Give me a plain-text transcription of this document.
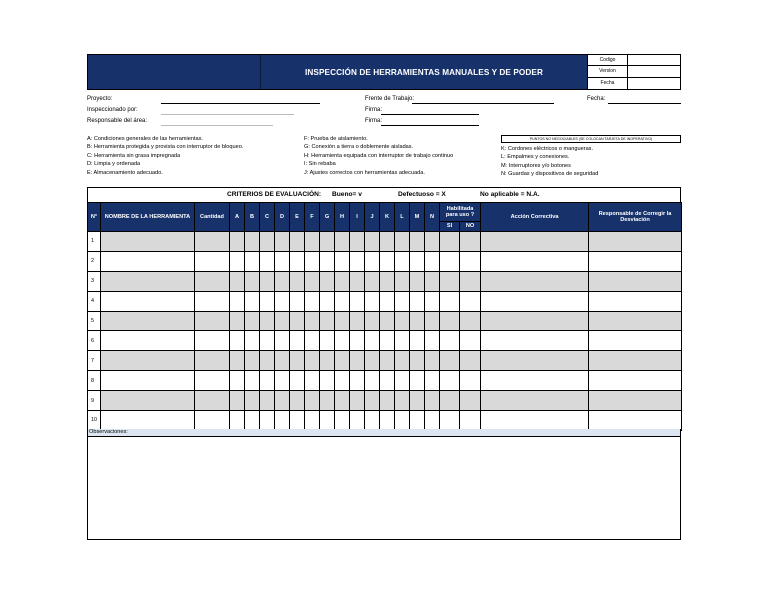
INSPECCIÓN DE HERRAMIENTAS MANUALES Y DE PODER
Codigo
Version
Fecha
Proyecto:
Inspeccionado por:
Responsable del área:
Frente de Trabajo:
Firma:
Firma:
Fecha:
A: Condiciones generales de las herramientas.
B: Herramienta protegida y provista con interruptor de bloqueo.
C: Herramienta sin grasa impregnada
D: Limpia y ordenada
E: Almacenamiento adecuado.
F: Prueba de aislamiento.
G: Conexión a tierra o doblemente aisladas.
H: Herramienta equipada con interruptor de trabajo continuo
I: Sin rebaba
J: Ajustes correctos con herramientas adecuada.
PUNTOS NO NEGOCIABLES (SE COLOCAN TARJETA DE INOPERATIVO)
K: Cordones eléctricos o mangueras.
L: Empalmes y conexiones.
M: Interruptores y/o botones
N: Guardas y dispositivos de seguridad
CRITERIOS DE EVALUACIÓN: Bueno= v	Defectuoso = X	No aplicable = N.A.
N°	NOMBRE DE LA HERRAMIENTA	Cantidad	A	B	C	D	E	F	G	H	I	J	K	L	M	N	Habilitada para uso ?		Acción Correctiva	Responsable de Corregir la Desviación
																	SI	NO		
1																				
2																				
3																				
4																				
5																				
6																				
7																				
8																				
9																				
10																				
Observaciones:
